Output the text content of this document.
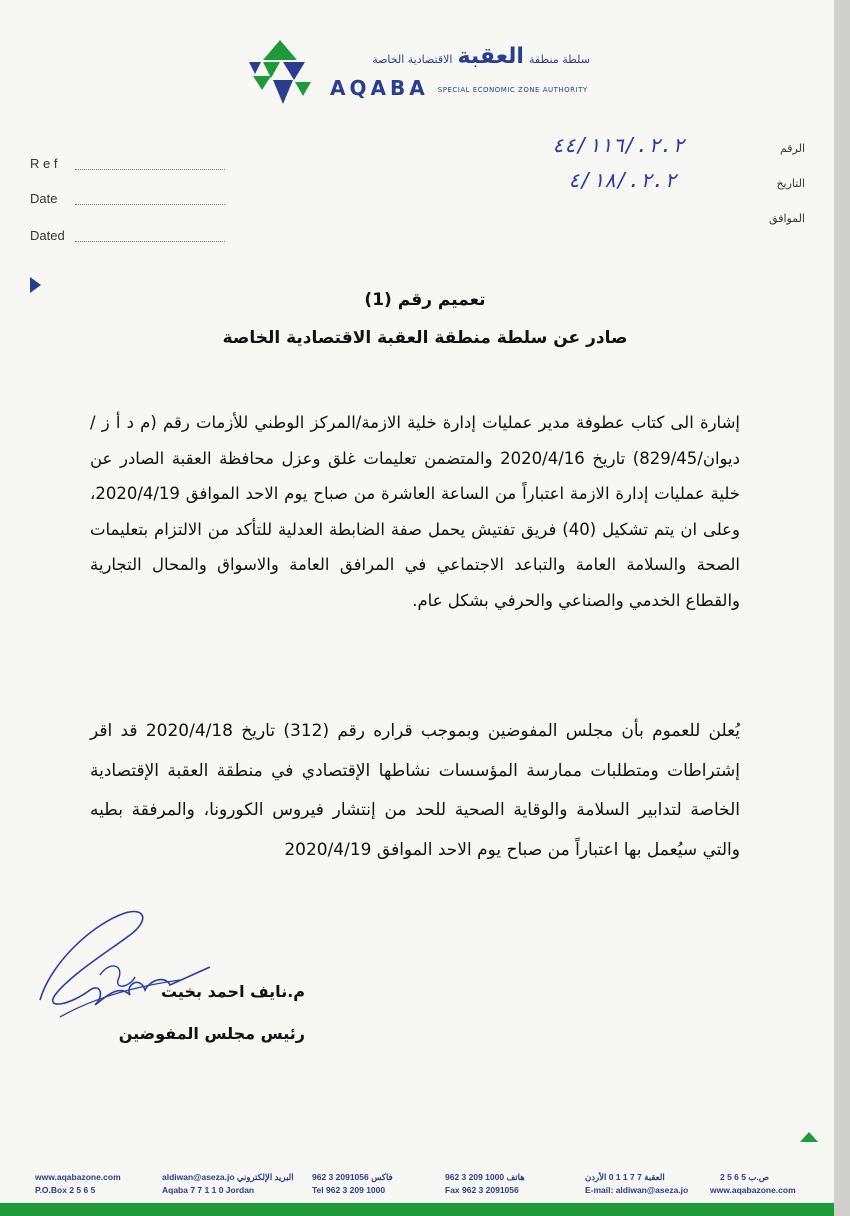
سلطة منطقة العقبة الاقتصادية الخاصة
AQABA SPECIAL ECONOMIC ZONE AUTHORITY
R e f
Date
Dated
الرقم
٢.٢./٤٤/١١٦
التاريخ
٢.٢./٤/١٨
الموافق
تعميم رقم (1)
صادر عن سلطة منطقة العقبة الاقتصادية الخاصة
إشارة الى كتاب عطوفة مدير عمليات إدارة خلية الازمة/المركز الوطني للأزمات رقم (م د أ ز /ديوان/829/45) تاريخ 2020/4/16 والمتضمن تعليمات غلق وعزل محافظة العقبة الصادر عن خلية عمليات إدارة الازمة اعتباراً من الساعة العاشرة من صباح يوم الاحد الموافق 2020/4/19، وعلى ان يتم تشكيل (40) فريق تفتيش يحمل صفة الضابطة العدلية للتأكد من الالتزام بتعليمات الصحة والسلامة العامة والتباعد الاجتماعي في المرافق العامة والاسواق والمحال التجارية والقطاع الخدمي والصناعي والحرفي بشكل عام.
يُعلن للعموم بأن مجلس المفوضين وبموجب قراره رقم (312) تاريخ 2020/4/18 قد اقر إشتراطات ومتطلبات ممارسة المؤسسات نشاطها الإقتصادي في منطقة العقبة الإقتصادية الخاصة لتدابير السلامة والوقاية الصحية للحد من إنتشار فيروس الكورونا، والمرفقة بطيه والتي سيُعمل بها اعتباراً من صباح يوم الاحد الموافق 2020/4/19
م.نايف احمد بخيت
رئيس مجلس المفوضين
www.aqabazone.com
P.O.Box 2 5 6 5
aldiwan@aseza.jo البريد الإلكتروني
Aqaba 7 7 1 1 0 Jordan
962 3 2091056 فاكس
Tel 962 3 209 1000
962 3 209 1000 هاتف
Fax 962 3 2091056
العقبة 7 7 1 1 0 الأردن
E-mail: aldiwan@aseza.jo
2 5 6 5 ص.ب
www.aqabazone.com
